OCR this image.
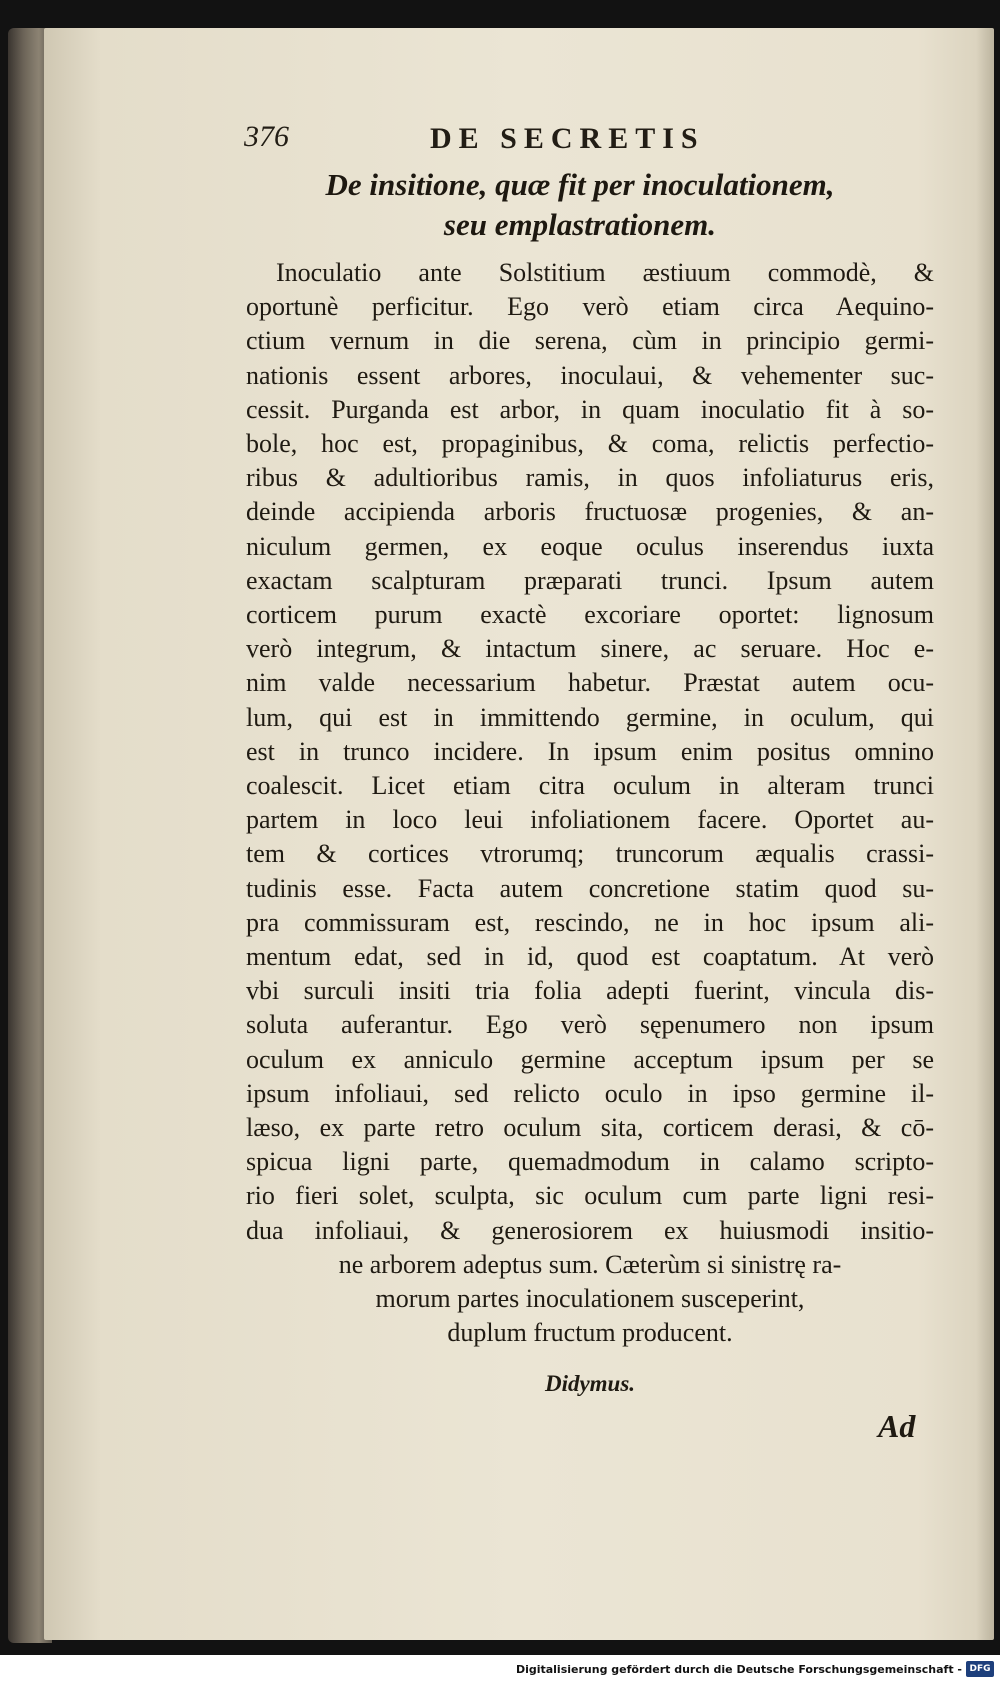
376	DE SECRETIS
De insitione, quæ fit per inoculationem,
seu emplastrationem.
Inoculatio ante Solstitium æstiuum commodè, &
oportunè perficitur. Ego verò etiam circa Aequino-
ctium vernum in die serena, cùm in principio germi-
nationis essent arbores, inoculaui, & vehementer suc-
cessit. Purganda est arbor, in quam inoculatio fit à so-
bole, hoc est, propaginibus, & coma, relictis perfectio-
ribus & adultioribus ramis, in quos infoliaturus eris,
deinde accipienda arboris fructuosæ progenies, & an-
niculum germen, ex eoque oculus inserendus iuxta
exactam scalpturam præparati trunci. Ipsum autem
corticem purum exactè excoriare oportet: lignosum
verò integrum, & intactum sinere, ac seruare. Hoc e-
nim valde necessarium habetur. Præstat autem ocu-
lum, qui est in immittendo germine, in oculum, qui
est in trunco incidere. In ipsum enim positus omnino
coalescit. Licet etiam citra oculum in alteram trunci
partem in loco leui infoliationem facere. Oportet au-
tem & cortices vtrorumq; truncorum æqualis crassi-
tudinis esse. Facta autem concretione statim quod su-
pra commissuram est, rescindo, ne in hoc ipsum ali-
mentum edat, sed in id, quod est coaptatum. At verò
vbi surculi insiti tria folia adepti fuerint, vincula dis-
soluta auferantur. Ego verò sępenumero non ipsum
oculum ex anniculo germine acceptum ipsum per se
ipsum infoliaui, sed relicto oculo in ipso germine il-
læso, ex parte retro oculum sita, corticem derasi, & cō-
spicua ligni parte, quemadmodum in calamo scripto-
rio fieri solet, sculpta, sic oculum cum parte ligni resi-
dua infoliaui, & generosiorem ex huiusmodi insitio-
ne arborem adeptus sum. Cæterùm si sinistrę ra-
morum partes inoculationem susceperint,
duplum fructum producent.
Didymus.
Ad
Digitalisierung gefördert durch die Deutsche Forschungsgemeinschaft - DFG
